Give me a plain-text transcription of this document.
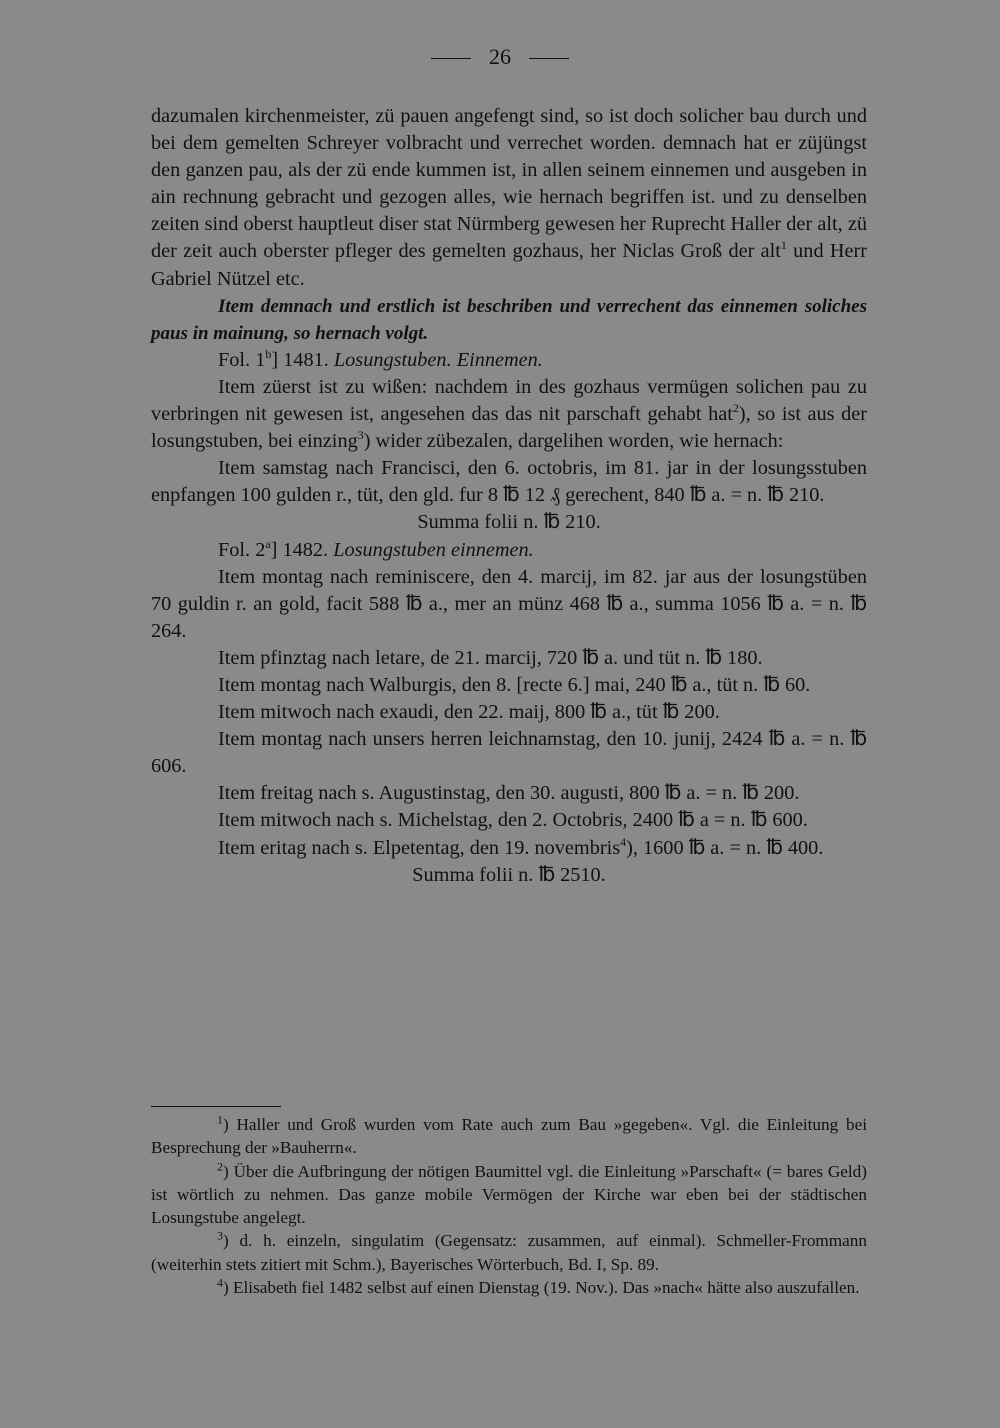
26

dazumalen kirchenmeister, zü pauen angefengt sind, so ist doch solicher bau durch und bei dem gemelten Schreyer volbracht und verrechet worden. demnach hat er züjüngst den ganzen pau, als der zü ende kummen ist, in allen seinem einnemen und ausgeben in ain rechnung gebracht und gezogen alles, wie hernach begriffen ist. und zu denselben zeiten sind oberst hauptleut diser stat Nürmberg gewesen her Ruprecht Haller der alt, zü der zeit auch oberster pfleger des gemelten gozhaus, her Niclas Groß der alt$^1$ und Herr Gabriel Nützel etc.

Item demnach und erstlich ist beschriben und verrechent das einnemen soliches paus in mainung, so hernach volgt.

Fol. 1$^b$] 1481. Losungstuben. Einnemen.

Item züerst ist zu wißen: nachdem in des gozhaus vermügen solichen pau zu verbringen nit gewesen ist, angesehen das das nit parschaft gehabt hat$^2$), so ist aus der losungstuben, bei einzing$^3$) wider zübezalen, dargelihen worden, wie hernach:

Item samstag nach Francisci, den 6. octobris, im 81. jar in der losungsstuben enpfangen 100 gulden r., tüt, den gld. fur 8 ℔ 12 ₰ gerechent, 840 ℔ a. = n. ℔ 210.

Summa folii n. ℔ 210.

Fol. 2$^a$] 1482. Losungstuben einnemen.

Item montag nach reminiscere, den 4. marcij, im 82. jar aus der losungstüben 70 guldin r. an gold, facit 588 ℔ a., mer an münz 468 ℔ a., summa 1056 ℔ a. = n. ℔ 264.

Item pfinztag nach letare, de 21. marcij, 720 ℔ a. und tüt n. ℔ 180.

Item montag nach Walburgis, den 8. [recte 6.] mai, 240 ℔ a., tüt n. ℔ 60.

Item mitwoch nach exaudi, den 22. maij, 800 ℔ a., tüt ℔ 200.

Item montag nach unsers herren leichnamstag, den 10. junij, 2424 ℔ a. = n. ℔ 606.

Item freitag nach s. Augustinstag, den 30. augusti, 800 ℔ a. = n. ℔ 200.

Item mitwoch nach s. Michelstag, den 2. Octobris, 2400 ℔ a = n. ℔ 600.

Item eritag nach s. Elpetentag, den 19. novembris$^4$), 1600 ℔ a. = n. ℔ 400.

Summa folii n. ℔ 2510.

$^1$) Haller und Groß wurden vom Rate auch zum Bau »gegeben«. Vgl. die Einleitung bei Besprechung der »Bauherrn«.

$^2$) Über die Aufbringung der nötigen Baumittel vgl. die Einleitung »Parschaft« (= bares Geld) ist wörtlich zu nehmen. Das ganze mobile Vermögen der Kirche war eben bei der städtischen Losungstube angelegt.

$^3$) d. h. einzeln, singulatim (Gegensatz: zusammen, auf einmal). Schmeller-Frommann (weiterhin stets zitiert mit Schm.), Bayerisches Wörterbuch, Bd. I, Sp. 89.

$^4$) Elisabeth fiel 1482 selbst auf einen Dienstag (19. Nov.). Das »nach« hätte also auszufallen.
